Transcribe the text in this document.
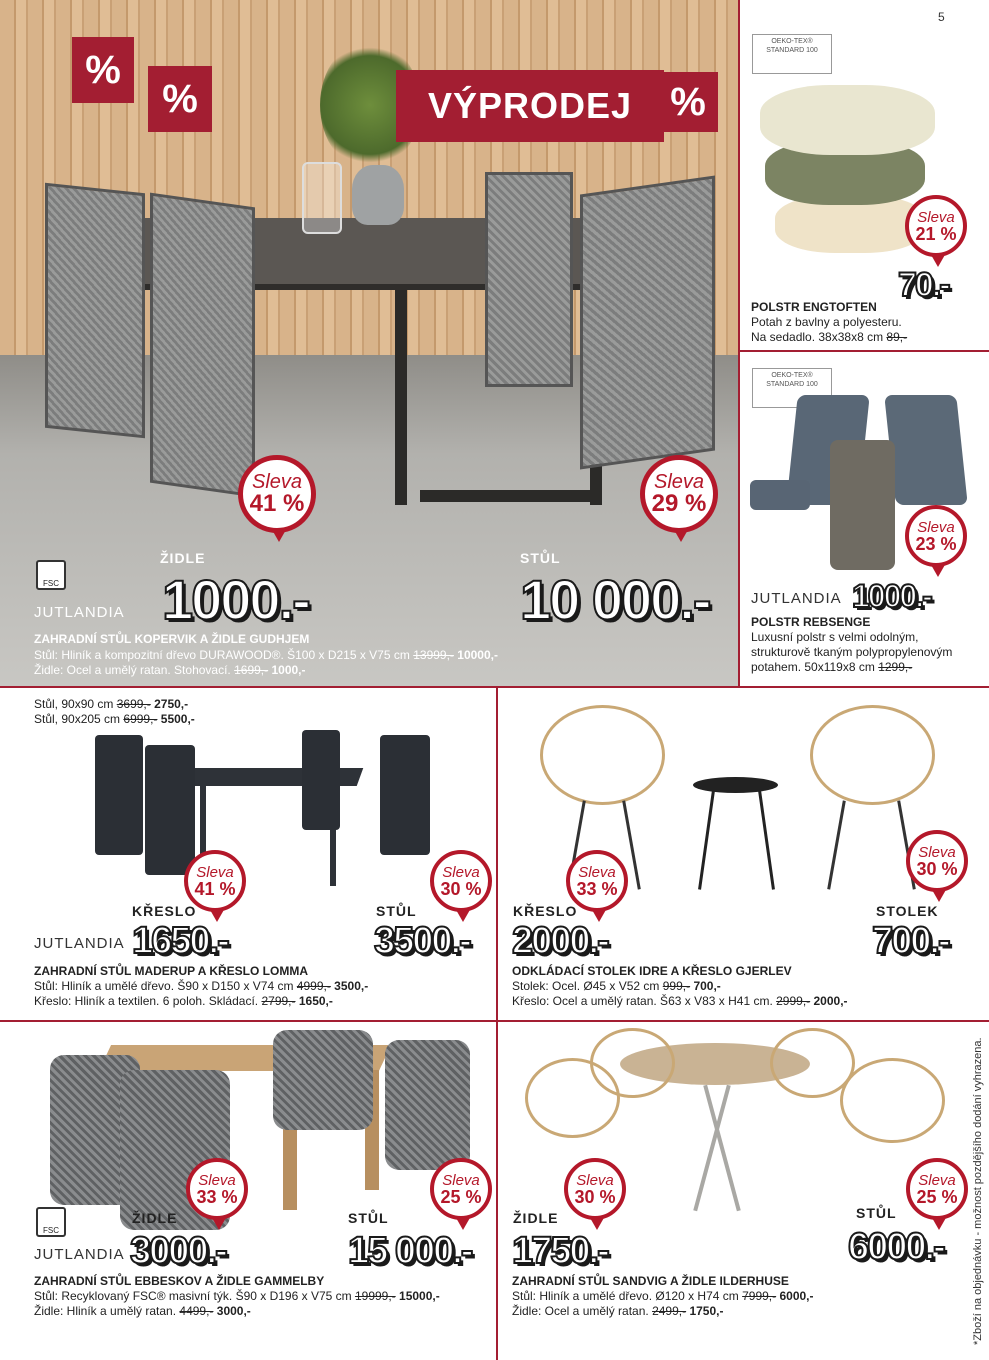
5
%
%	VÝPRODEJ %
Sleva
41 %
Sleva
29 %
FSC
JUTLANDIA
ŽIDLE
1000.-
STŮL
10 000.-
ZAHRADNÍ STŮL KOPERVIK A ŽIDLE GUDHJEM
Stůl: Hliník a kompozitní dřevo DURAWOOD®. Š100 x D215 x V75 cm 13999,- 10000,-
Židle: Ocel a umělý ratan. Stohovací. 1699,- 1000,-
OEKO-TEX® STANDARD 100
Sleva
21 %
70.-
POLSTR ENGTOFTEN
Potah z bavlny a polyesteru.
Na sedadlo. 38x38x8 cm 89,-
OEKO-TEX® STANDARD 100
Sleva
23 %
JUTLANDIA 1000.-
POLSTR REBSENGE
Luxusní polstr s velmi odolným,
strukturově tkaným polypropylenovým
potahem. 50x119x8 cm 1299,-
Stůl, 90x90 cm 3699,- 2750,-
Stůl, 90x205 cm 6999,- 5500,-
Sleva
41 %
Sleva
30 %
KŘESLO	STŮL
JUTLANDIA 1650.-	3500.-
ZAHRADNÍ STŮL MADERUP A KŘESLO LOMMA
Stůl: Hliník a umělé dřevo. Š90 x D150 x V74 cm 4999,- 3500,-
Křeslo: Hliník a textilen. 6 poloh. Skládací. 2799,- 1650,-
Sleva
33 %
Sleva
30 %
KŘESLO	STOLEK
2000.-	700.-
ODKLÁDACÍ STOLEK IDRE A KŘESLO GJERLEV
Stolek: Ocel. Ø45 x V52 cm 999,- 700,-
Křeslo: Ocel a umělý ratan. Š63 x V83 x H41 cm. 2999,- 2000,-
Sleva
33 %
Sleva
25 %
FSC
ŽIDLE	STŮL
JUTLANDIA 3000.-	15 000.-
ZAHRADNÍ STŮL EBBESKOV A ŽIDLE GAMMELBY
Stůl: Recyklovaný FSC® masivní týk. Š90 x D196 x V75 cm 19999,- 15000,-
Židle: Hliník a umělý ratan. 4499,- 3000,-
Sleva
30 %
Sleva
25 %
ŽIDLE	STŮL
1750.-	6000.-
ZAHRADNÍ STŮL SANDVIG A ŽIDLE ILDERHUSE
Stůl: Hliník a umělé dřevo. Ø120 x H74 cm 7999,- 6000,-
Židle: Ocel a umělý ratan. 2499,- 1750,-	*Zboží na objednávku - možnost pozdějšího dodání vyhrazena.
